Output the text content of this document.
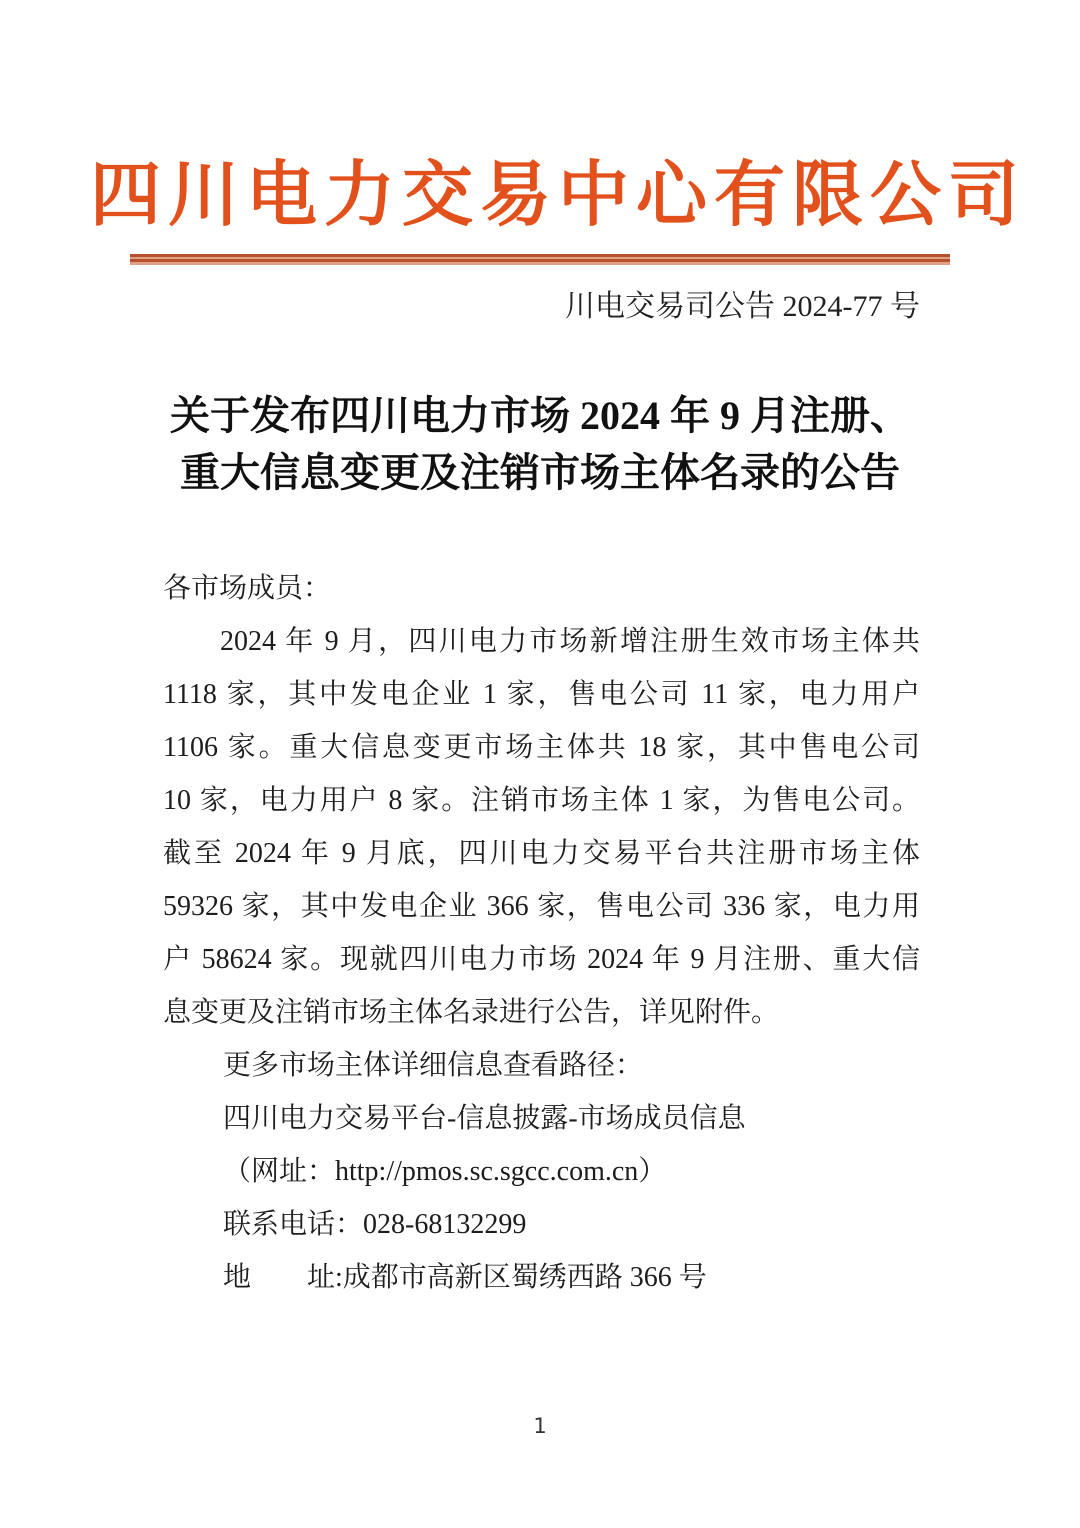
四川电力交易中心有限公司
川电交易司公告 2024-77 号
关于发布四川电力市场 2024 年 9 月注册、
重大信息变更及注销市场主体名录的公告
各市场成员：
2024 年 9 月，四川电力市场新增注册生效市场主体共
1118 家，其中发电企业 1 家，售电公司 11 家，电力用户
1106 家。重大信息变更市场主体共 18 家，其中售电公司
10 家，电力用户 8 家。注销市场主体 1 家，为售电公司。
截至 2024 年 9 月底，四川电力交易平台共注册市场主体
59326 家，其中发电企业 366 家，售电公司 336 家，电力用
户 58624 家。现就四川电力市场 2024 年 9 月注册、重大信
息变更及注销市场主体名录进行公告，详见附件。
更多市场主体详细信息查看路径：
四川电力交易平台-信息披露-市场成员信息
（网址：http://pmos.sc.sgcc.com.cn）
联系电话：028-68132299
地　　址:成都市高新区蜀绣西路 366 号
1
